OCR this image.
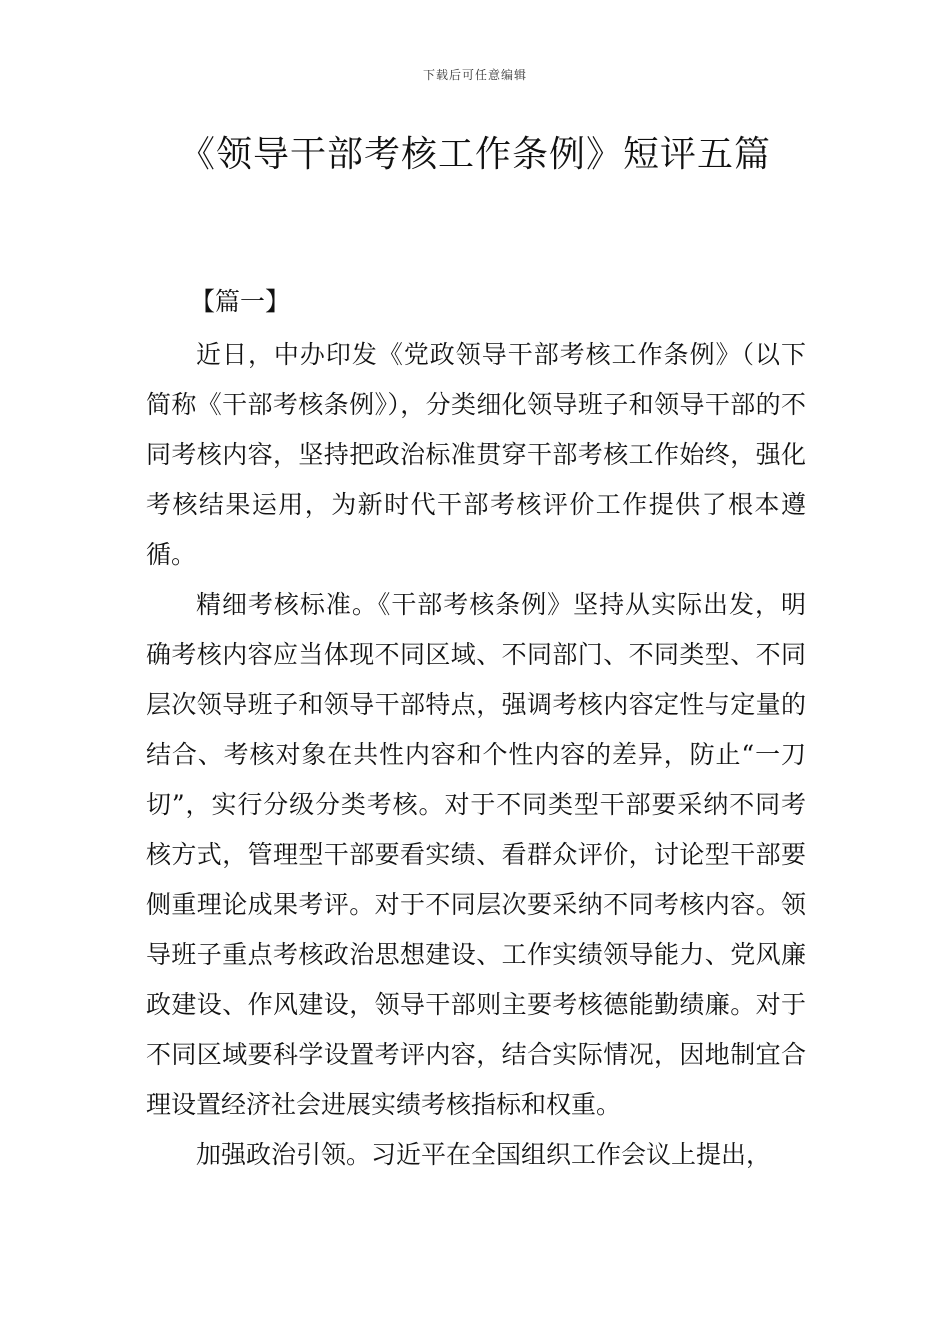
下载后可任意编辑
《领导干部考核工作条例》短评五篇
【篇一】

近日，中办印发《党政领导干部考核工作条例》（以下简称《干部考核条例》），分类细化领导班子和领导干部的不同考核内容，坚持把政治标准贯穿干部考核工作始终，强化考核结果运用，为新时代干部考核评价工作提供了根本遵循。

精细考核标准。《干部考核条例》坚持从实际出发，明确考核内容应当体现不同区域、不同部门、不同类型、不同层次领导班子和领导干部特点，强调考核内容定性与定量的结合、考核对象在共性内容和个性内容的差异，防止“一刀切”，实行分级分类考核。对于不同类型干部要采纳不同考核方式，管理型干部要看实绩、看群众评价，讨论型干部要侧重理论成果考评。对于不同层次要采纳不同考核内容。领导班子重点考核政治思想建设、工作实绩领导能力、党风廉政建设、作风建设，领导干部则主要考核德能勤绩廉。对于不同区域要科学设置考评内容，结合实际情况，因地制宜合理设置经济社会进展实绩考核指标和权重。

加强政治引领。习近平在全国组织工作会议上提出，
